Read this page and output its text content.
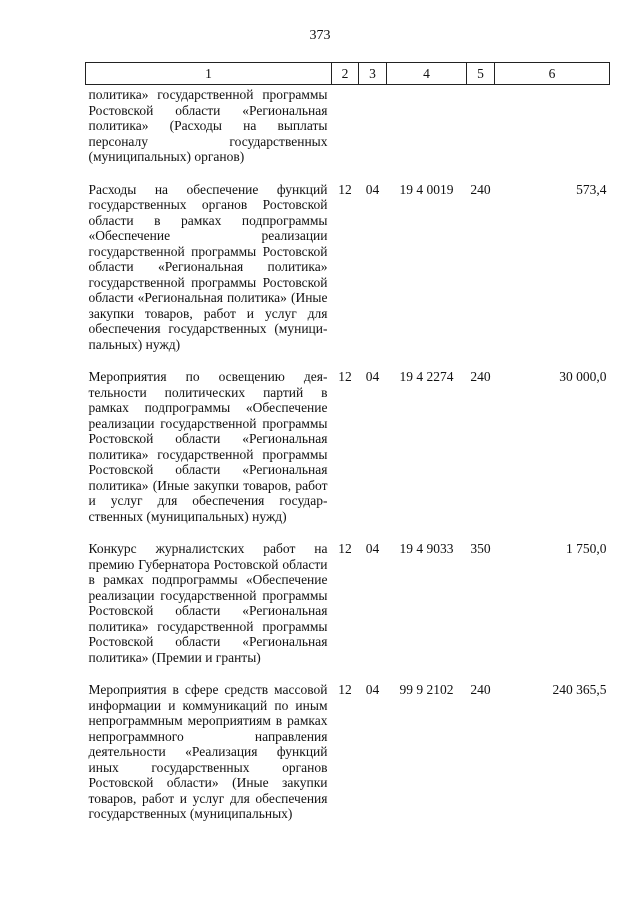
373
1	2	3	4	5	6
политика» государственной программы Ростовской области «Региональная политика» (Расходы на выплаты персоналу государственных (муниципальных) органов)					
Расходы на обеспечение функций государственных органов Ростовской области в рамках подпрограммы «Обеспечение реализации государственной программы Ростовской области «Региональная политика» государственной программы Ростовской области «Региональная политика» (Иные закупки товаров, работ и услуг для обеспечения государственных (муниципальных) нужд)	12	04	19 4 0019	240	573,4
Мероприятия по освещению деятельности политических партий в рамках подпрограммы «Обеспечение реализации государственной программы Ростовской области «Региональная политика» государственной программы Ростовской области «Региональная политика» (Иные закупки товаров, работ и услуг для обеспечения государственных (муниципальных) нужд)	12	04	19 4 2274	240	30 000,0
Конкурс журналистских работ на премию Губернатора Ростовской области в рамках подпрограммы «Обеспечение реализации государственной программы Ростовской области «Региональная политика» государственной программы Ростовской области «Региональная политика» (Премии и гранты)	12	04	19 4 9033	350	1 750,0
Мероприятия в сфере средств массовой информации и коммуникаций по иным непрограммным мероприятиям в рамках непрограммного направления деятельности «Реализация функций иных государственных органов Ростовской области» (Иные закупки товаров, работ и услуг для обеспечения государственных (муниципальных)	12	04	99 9 2102	240	240 365,5
